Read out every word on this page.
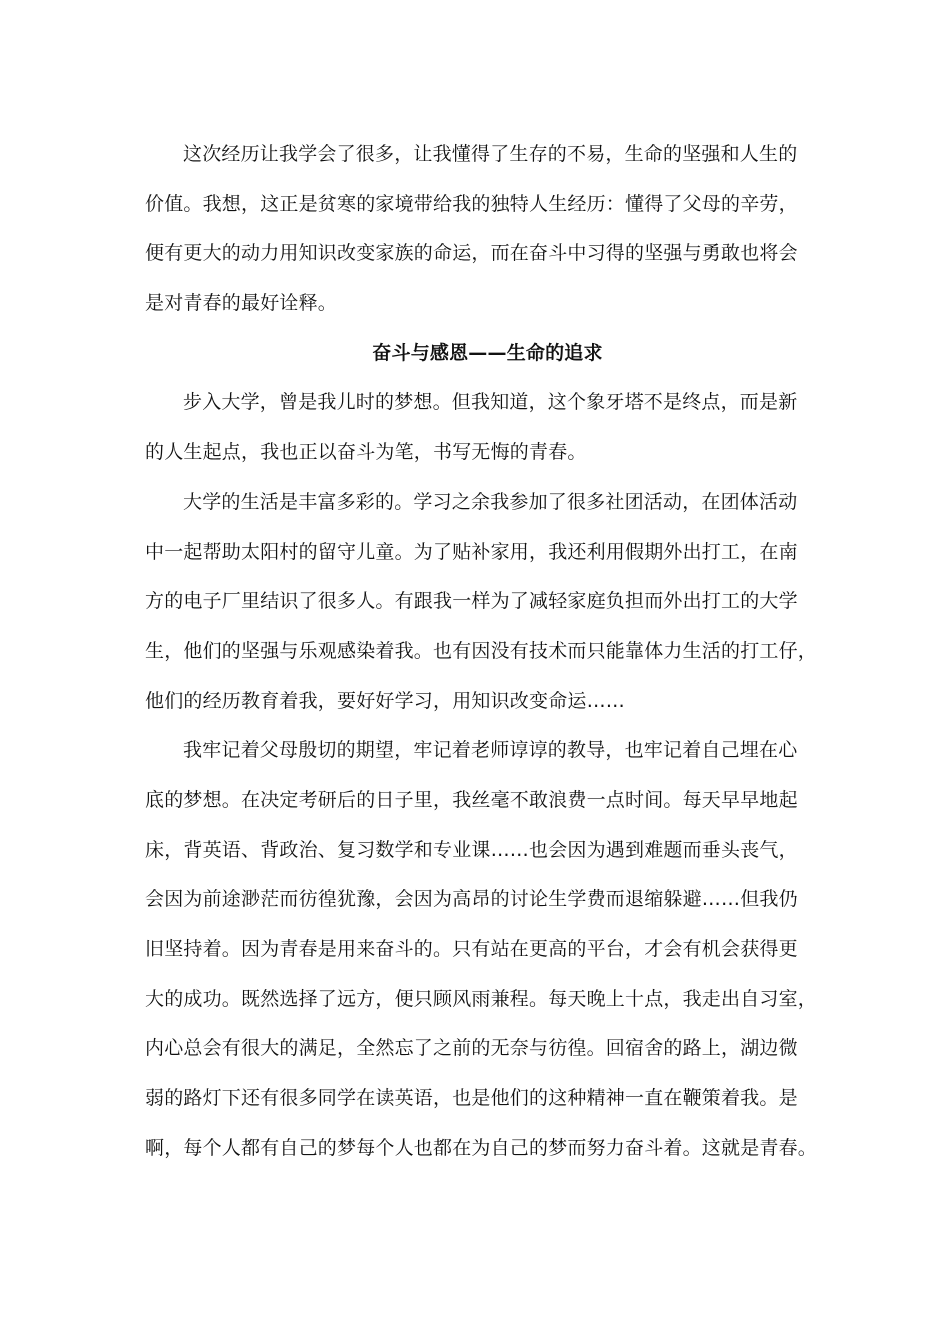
这次经历让我学会了很多，让我懂得了生存的不易，生命的坚强和人生的
价值。我想，这正是贫寒的家境带给我的独特人生经历：懂得了父母的辛劳，
便有更大的动力用知识改变家族的命运，而在奋斗中习得的坚强与勇敢也将会
是对青春的最好诠释。
奋斗与感恩——生命的追求
步入大学，曾是我儿时的梦想。但我知道，这个象牙塔不是终点，而是新
的人生起点，我也正以奋斗为笔，书写无悔的青春。
大学的生活是丰富多彩的。学习之余我参加了很多社团活动，在团体活动
中一起帮助太阳村的留守儿童。为了贴补家用，我还利用假期外出打工，在南
方的电子厂里结识了很多人。有跟我一样为了减轻家庭负担而外出打工的大学
生，他们的坚强与乐观感染着我。也有因没有技术而只能靠体力生活的打工仔，
他们的经历教育着我，要好好学习，用知识改变命运……
我牢记着父母殷切的期望，牢记着老师谆谆的教导，也牢记着自己埋在心
底的梦想。在决定考研后的日子里，我丝毫不敢浪费一点时间。每天早早地起
床，背英语、背政治、复习数学和专业课……也会因为遇到难题而垂头丧气，
会因为前途渺茫而彷徨犹豫，会因为高昂的讨论生学费而退缩躲避……但我仍
旧坚持着。因为青春是用来奋斗的。只有站在更高的平台，才会有机会获得更
大的成功。既然选择了远方，便只顾风雨兼程。每天晚上十点，我走出自习室，
内心总会有很大的满足，全然忘了之前的无奈与彷徨。回宿舍的路上，湖边微
弱的路灯下还有很多同学在读英语，也是他们的这种精神一直在鞭策着我。是
啊，每个人都有自己的梦每个人也都在为自己的梦而努力奋斗着。这就是青春。
